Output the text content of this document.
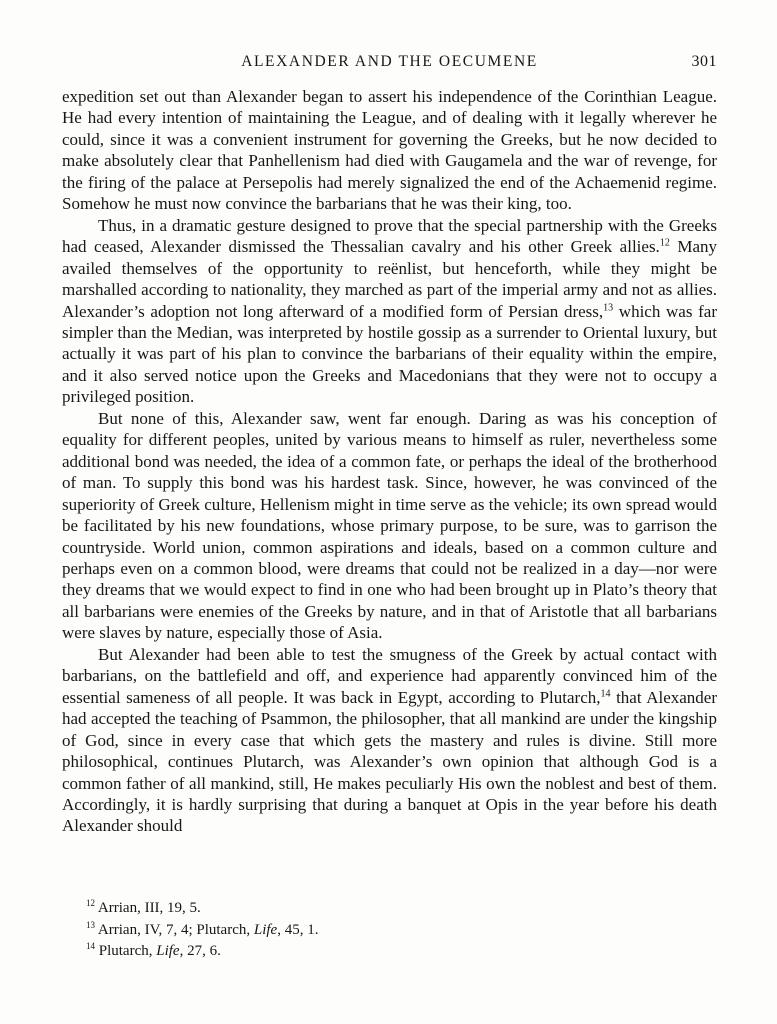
ALEXANDER AND THE OECUMENE	301

expedition set out than Alexander began to assert his independence of the Corinthian League. He had every intention of maintaining the League, and of dealing with it legally wherever he could, since it was a convenient instrument for governing the Greeks, but he now decided to make absolutely clear that Panhellenism had died with Gaugamela and the war of revenge, for the firing of the palace at Persepolis had merely signalized the end of the Achaemenid regime. Somehow he must now convince the barbarians that he was their king, too.

Thus, in a dramatic gesture designed to prove that the special partnership with the Greeks had ceased, Alexander dismissed the Thessalian cavalry and his other Greek allies.$^{12}$ Many availed themselves of the opportunity to reënlist, but henceforth, while they might be marshalled according to nationality, they marched as part of the imperial army and not as allies. Alexander’s adoption not long afterward of a modified form of Persian dress,$^{13}$ which was far simpler than the Median, was interpreted by hostile gossip as a surrender to Oriental luxury, but actually it was part of his plan to convince the barbarians of their equality within the empire, and it also served notice upon the Greeks and Macedonians that they were not to occupy a privileged position.

But none of this, Alexander saw, went far enough. Daring as was his conception of equality for different peoples, united by various means to himself as ruler, nevertheless some additional bond was needed, the idea of a common fate, or perhaps the ideal of the brotherhood of man. To supply this bond was his hardest task. Since, however, he was convinced of the superiority of Greek culture, Hellenism might in time serve as the vehicle; its own spread would be facilitated by his new foundations, whose primary purpose, to be sure, was to garrison the countryside. World union, common aspirations and ideals, based on a common culture and perhaps even on a common blood, were dreams that could not be realized in a day—nor were they dreams that we would expect to find in one who had been brought up in Plato’s theory that all barbarians were enemies of the Greeks by nature, and in that of Aristotle that all barbarians were slaves by nature, especially those of Asia.

But Alexander had been able to test the smugness of the Greek by actual contact with barbarians, on the battlefield and off, and experience had apparently convinced him of the essential sameness of all people. It was back in Egypt, according to Plutarch,$^{14}$ that Alexander had accepted the teaching of Psammon, the philosopher, that all mankind are under the kingship of God, since in every case that which gets the mastery and rules is divine. Still more philosophical, continues Plutarch, was Alexander’s own opinion that although God is a common father of all mankind, still, He makes peculiarly His own the noblest and best of them. Accordingly, it is hardly surprising that during a banquet at Opis in the year before his death Alexander should

$^{12}$ Arrian, III, 19, 5.
$^{13}$ Arrian, IV, 7, 4; Plutarch, Life, 45, 1.
$^{14}$ Plutarch, Life, 27, 6.
